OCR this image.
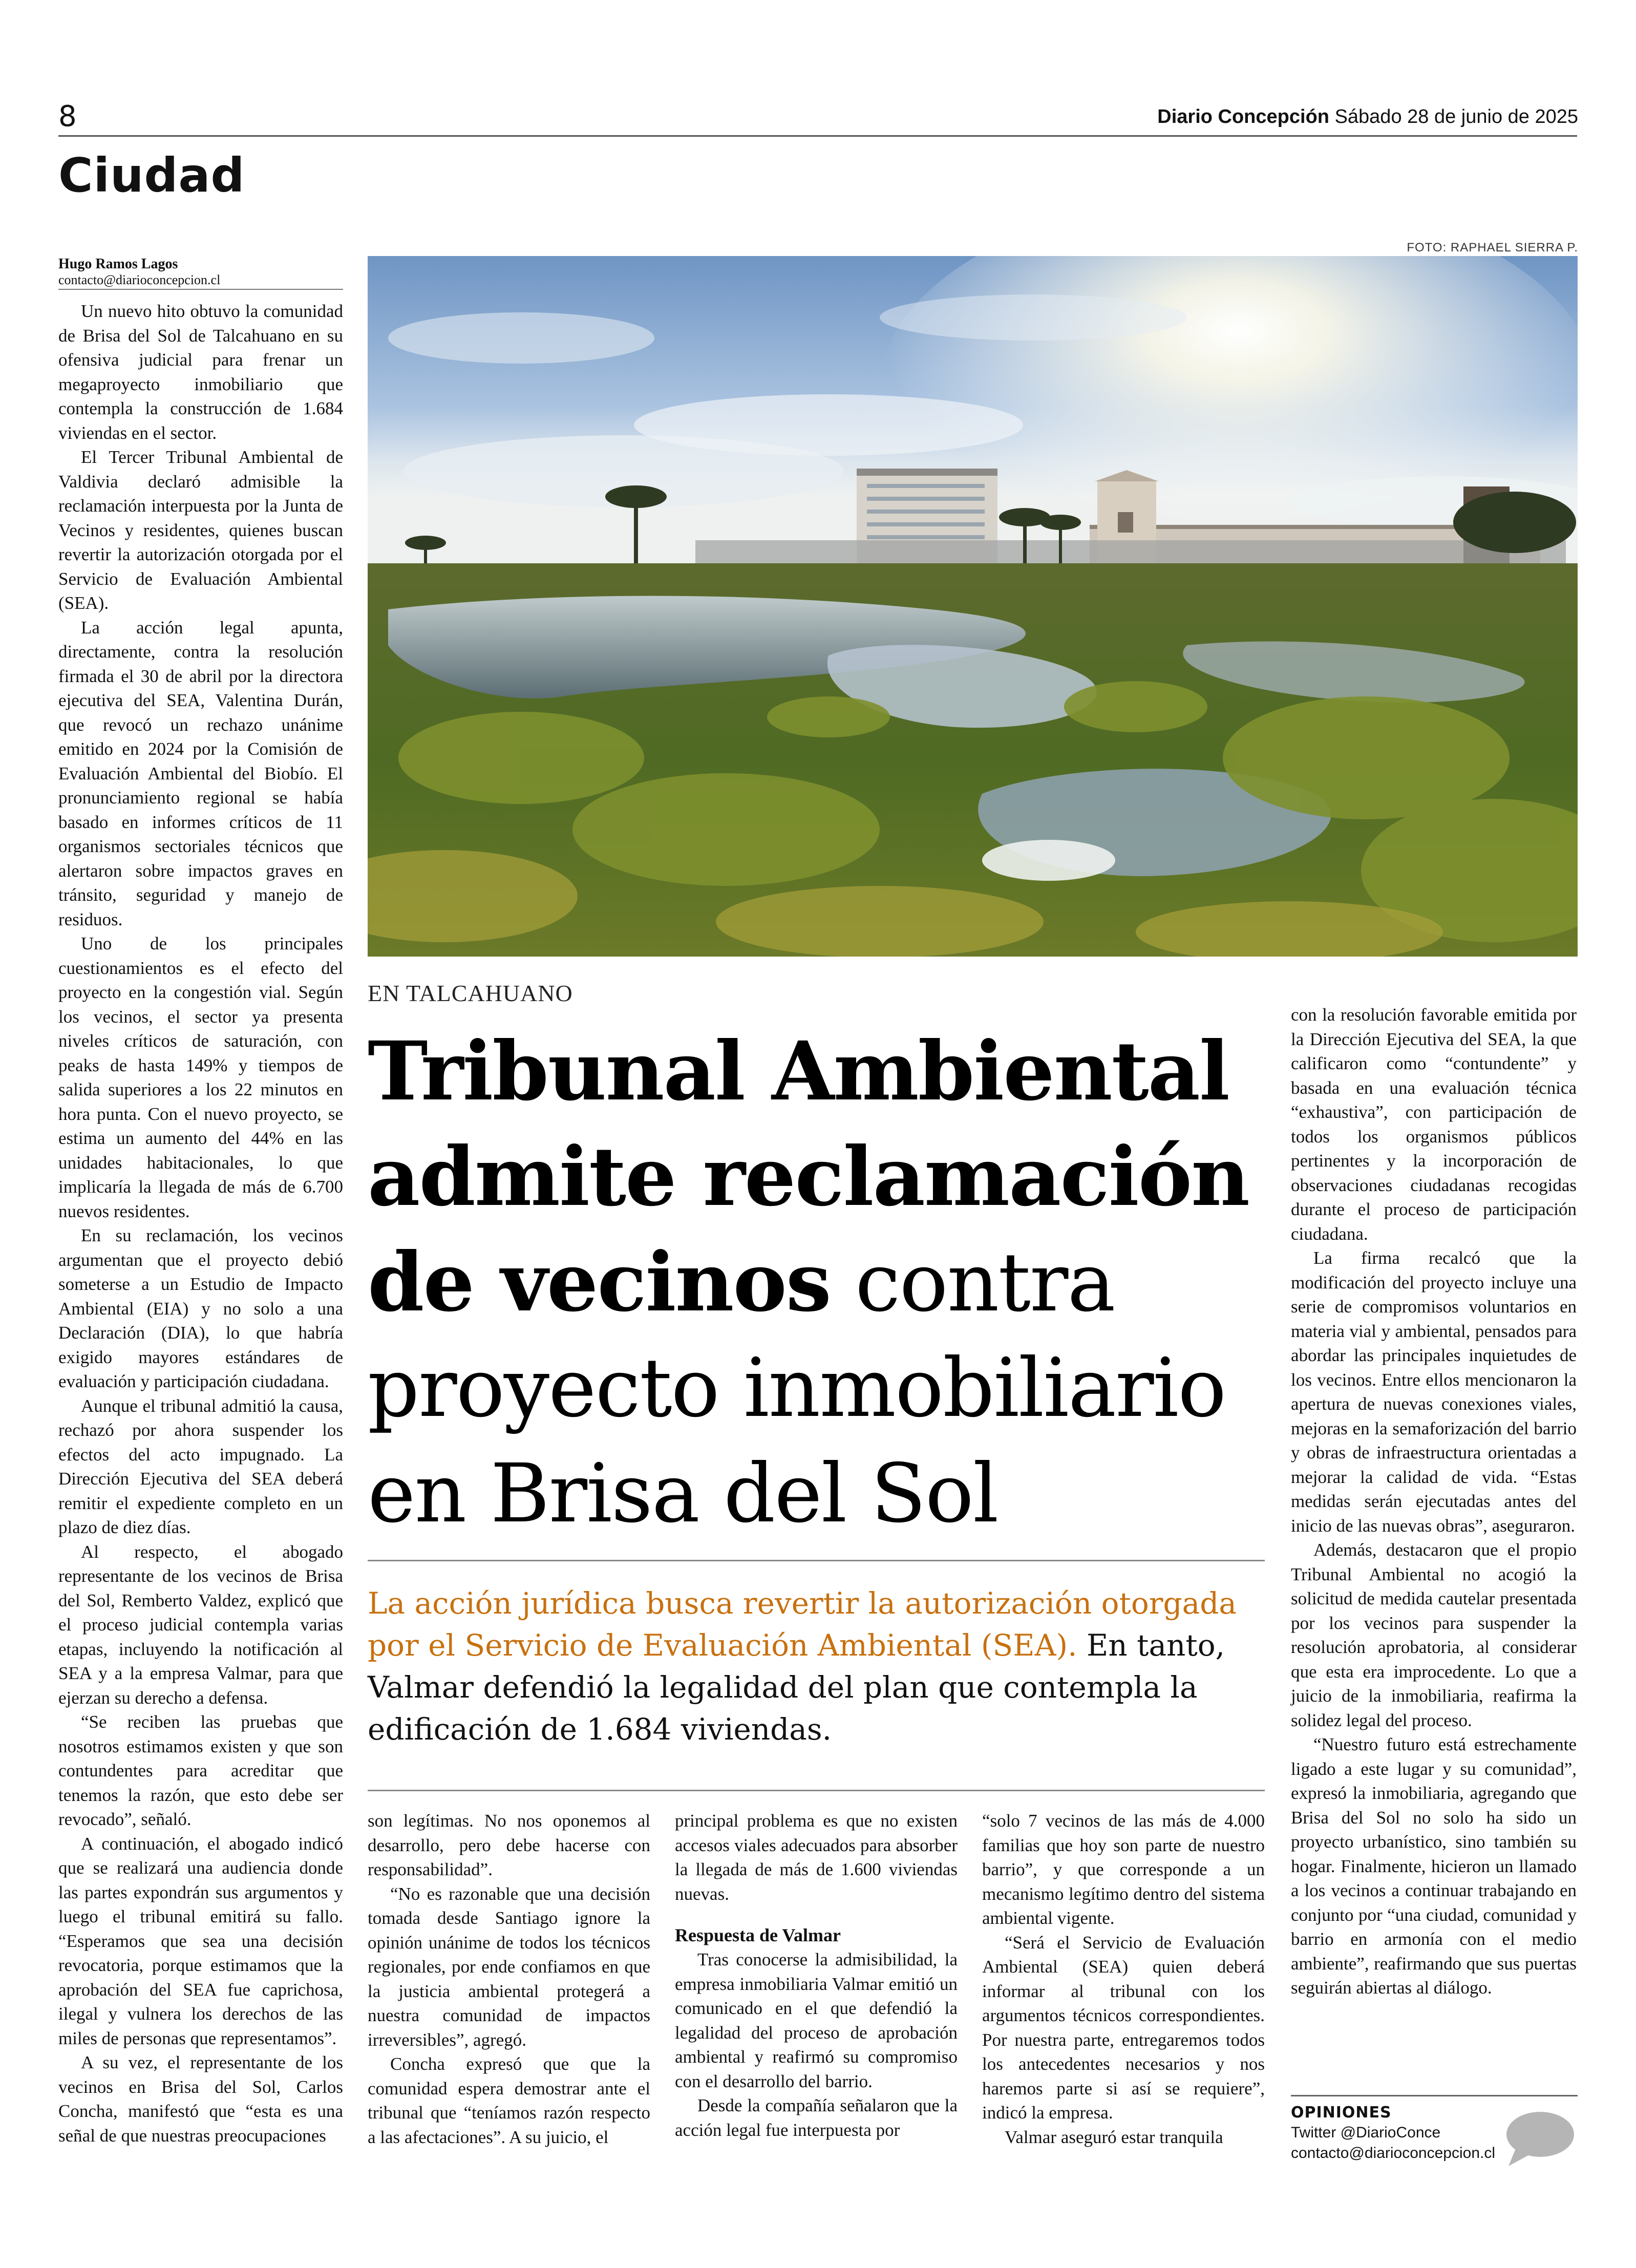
8	Diario Concepción Sábado 28 de junio de 2025
Ciudad
Hugo Ramos Lagos
contacto@diarioconcepcion.cl

Un nuevo hito obtuvo la comunidad de Brisa del Sol de Talcahuano en su ofensiva judicial para frenar un megaproyecto inmobiliario que contempla la construcción de 1.684 viviendas en el sector.

El Tercer Tribunal Ambiental de Valdivia declaró admisible la reclamación interpuesta por la Junta de Vecinos y residentes, quienes buscan revertir la autorización otorgada por el Servicio de Evaluación Ambiental (SEA).

La acción legal apunta, directamente, contra la resolución firmada el 30 de abril por la directora ejecutiva del SEA, Valentina Durán, que revocó un rechazo unánime emitido en 2024 por la Comisión de Evaluación Ambiental del Biobío. El pronunciamiento regional se había basado en informes críticos de 11 organismos sectoriales técnicos que alertaron sobre impactos graves en tránsito, seguridad y manejo de residuos.

Uno de los principales cuestionamientos es el efecto del proyecto en la congestión vial. Según los vecinos, el sector ya presenta niveles críticos de saturación, con peaks de hasta 149% y tiempos de salida superiores a los 22 minutos en hora punta. Con el nuevo proyecto, se estima un aumento del 44% en las unidades habitacionales, lo que implicaría la llegada de más de 6.700 nuevos residentes.

En su reclamación, los vecinos argumentan que el proyecto debió someterse a un Estudio de Impacto Ambiental (EIA) y no solo a una Declaración (DIA), lo que habría exigido mayores estándares de evaluación y participación ciudadana.

Aunque el tribunal admitió la causa, rechazó por ahora suspender los efectos del acto impugnado. La Dirección Ejecutiva del SEA deberá remitir el expediente completo en un plazo de diez días.

Al respecto, el abogado representante de los vecinos de Brisa del Sol, Remberto Valdez, explicó que el proceso judicial contempla varias etapas, incluyendo la notificación al SEA y a la empresa Valmar, para que ejerzan su derecho a defensa.

“Se reciben las pruebas que nosotros estimamos existen y que son contundentes para acreditar que tenemos la razón, que esto debe ser revocado”, señaló.

A continuación, el abogado indicó que se realizará una audiencia donde las partes expondrán sus argumentos y luego el tribunal emitirá su fallo. “Esperamos que sea una decisión revocatoria, porque estimamos que la aprobación del SEA fue caprichosa, ilegal y vulnera los derechos de las miles de personas que representamos”.

A su vez, el representante de los vecinos en Brisa del Sol, Carlos Concha, manifestó que “esta es una señal de que nuestras preocupaciones

FOTO: RAPHAEL SIERRA P.
EN TALCAHUANO
Tribunal Ambiental admite reclamación de vecinos contra proyecto inmobiliario en Brisa del Sol
La acción jurídica busca revertir la autorización otorgada por el Servicio de Evaluación Ambiental (SEA). En tanto, Valmar defendió la legalidad del plan que contempla la edificación de 1.684 viviendas.

son legítimas. No nos oponemos al desarrollo, pero debe hacerse con responsabilidad”.

“No es razonable que una decisión tomada desde Santiago ignore la opinión unánime de todos los técnicos regionales, por ende confiamos en que la justicia ambiental protegerá a nuestra comunidad de impactos irreversibles”, agregó.

Concha expresó que que la comunidad espera demostrar ante el tribunal que “teníamos razón respecto a las afectaciones”. A su juicio, el

principal problema es que no existen accesos viales adecuados para absorber la llegada de más de 1.600 viviendas nuevas.

Respuesta de Valmar

Tras conocerse la admisibilidad, la empresa inmobiliaria Valmar emitió un comunicado en el que defendió la legalidad del proceso de aprobación ambiental y reafirmó su compromiso con el desarrollo del barrio.

Desde la compañía señalaron que la acción legal fue interpuesta por

“solo 7 vecinos de las más de 4.000 familias que hoy son parte de nuestro barrio”, y que corresponde a un mecanismo legítimo dentro del sistema ambiental vigente.

“Será el Servicio de Evaluación Ambiental (SEA) quien deberá informar al tribunal con los argumentos técnicos correspondientes. Por nuestra parte, entregaremos todos los antecedentes necesarios y nos haremos parte si así se requiere”, indicó la empresa.

Valmar aseguró estar tranquila

con la resolución favorable emitida por la Dirección Ejecutiva del SEA, la que calificaron como “contundente” y basada en una evaluación técnica “exhaustiva”, con participación de todos los organismos públicos pertinentes y la incorporación de observaciones ciudadanas recogidas durante el proceso de participación ciudadana.

La firma recalcó que la modificación del proyecto incluye una serie de compromisos voluntarios en materia vial y ambiental, pensados para abordar las principales inquietudes de los vecinos. Entre ellos mencionaron la apertura de nuevas conexiones viales, mejoras en la semaforización del barrio y obras de infraestructura orientadas a mejorar la calidad de vida. “Estas medidas serán ejecutadas antes del inicio de las nuevas obras”, aseguraron.

Además, destacaron que el propio Tribunal Ambiental no acogió la solicitud de medida cautelar presentada por los vecinos para suspender la resolución aprobatoria, al considerar que esta era improcedente. Lo que a juicio de la inmobiliaria, reafirma la solidez legal del proceso.

“Nuestro futuro está estrechamente ligado a este lugar y su comunidad”, expresó la inmobiliaria, agregando que Brisa del Sol no solo ha sido un proyecto urbanístico, sino también su hogar. Finalmente, hicieron un llamado a los vecinos a continuar trabajando en conjunto por “una ciudad, comunidad y barrio en armonía con el medio ambiente”, reafirmando que sus puertas seguirán abiertas al diálogo.

OPINIONES
Twitter @DiarioConce
contacto@diarioconcepcion.cl
